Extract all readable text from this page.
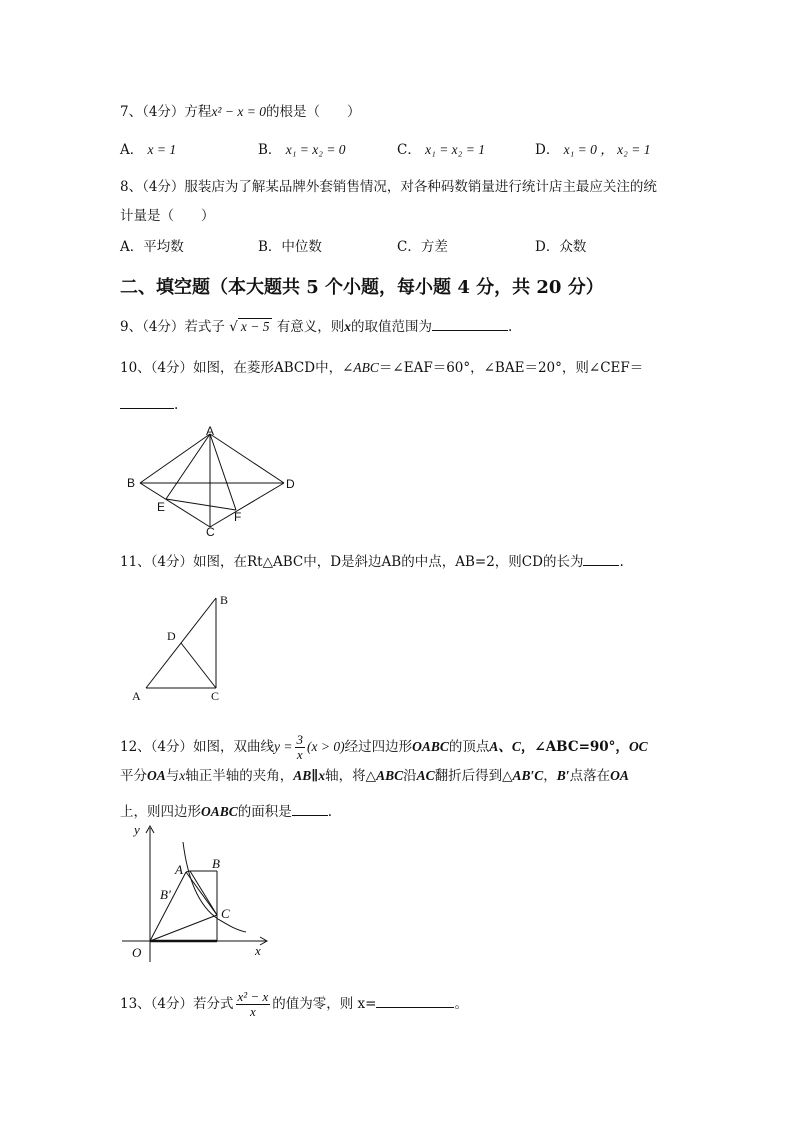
7、（4分）方程x² − x = 0的根是（　　）
A． x = 1	B． x₁ = x₂ = 0	C． x₁ = x₂ = 1	D． x₁ = 0 ， x₂ = 1
8、（4分）服装店为了解某品牌外套销售情况，对各种码数销量进行统计店主最应关注的统
计量是（　　）
A．平均数	B．中位数	C．方差	D．众数
二、填空题（本大题共 5 个小题，每小题 4 分，共 20 分）
9、（4分）若式子 √ x − 5 有意义，则x的取值范围为	.
10、（4分）如图，在菱形ABCD中，∠ABC＝∠EAF＝60°，∠BAE＝20°，则∠CEF＝
.
A
B	D
E
F
C
11、（4分）如图，在Rt△ABC中，D是斜边AB的中点，AB=2，则CD的长为	.
B
D
A	C
12、（4分）如图，双曲线$y = \frac{3}{x} (x > 0)$经过四边形OABC的顶点A、C，∠ABC=90°，OC
平分OA与x轴正半轴的夹角，AB∥x轴，将△ABC沿AC翻折后得到△AB′C，B′点落在OA
上，则四边形OABC的面积是	.
y
x
O
A B
B′
C
13、（4分）若分式 $\frac{\text{x² − x}}{x}$ 的值为零，则 x=	。
